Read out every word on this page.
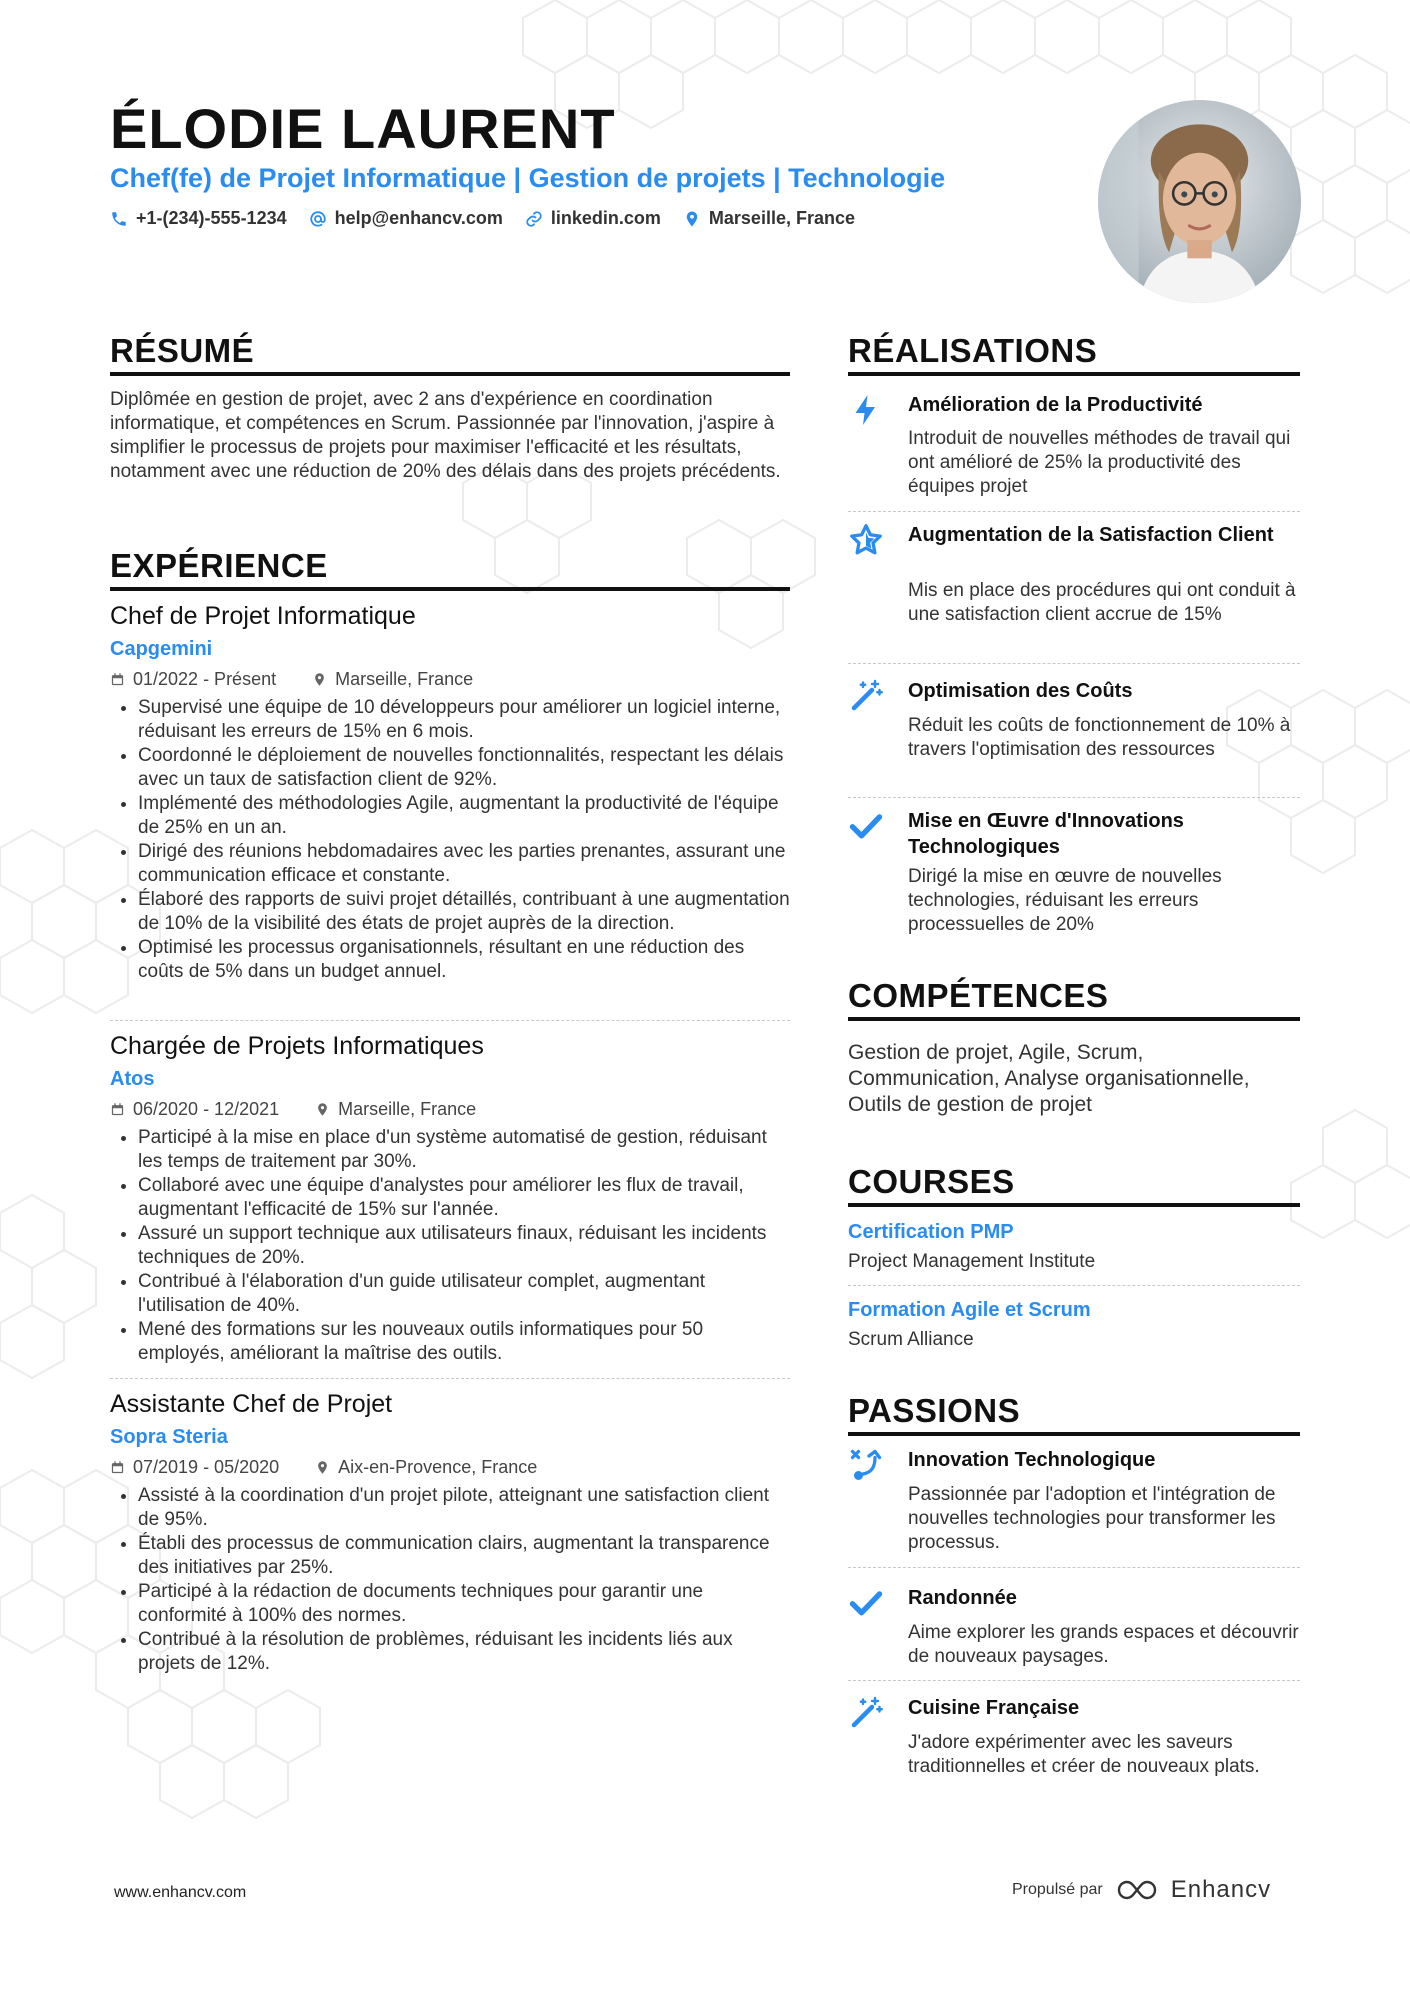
ÉLODIE LAURENT
Chef(fe) de Projet Informatique | Gestion de projets | Technologie
+1-(234)-555-1234	help@enhancv.com	linkedin.com	Marseille, France
RÉSUMÉ
Diplômée en gestion de projet, avec 2 ans d'expérience en coordination informatique, et compétences en Scrum. Passionnée par l'innovation, j'aspire à simplifier le processus de projets pour maximiser l'efficacité et les résultats, notamment avec une réduction de 20% des délais dans des projets précédents.
EXPÉRIENCE
Chef de Projet Informatique
Capgemini
01/2022 - Présent	Marseille, France
• Supervisé une équipe de 10 développeurs pour améliorer un logiciel interne, réduisant les erreurs de 15% en 6 mois.
• Coordonné le déploiement de nouvelles fonctionnalités, respectant les délais avec un taux de satisfaction client de 92%.
• Implémenté des méthodologies Agile, augmentant la productivité de l'équipe de 25% en un an.
• Dirigé des réunions hebdomadaires avec les parties prenantes, assurant une communication efficace et constante.
• Élaboré des rapports de suivi projet détaillés, contribuant à une augmentation de 10% de la visibilité des états de projet auprès de la direction.
• Optimisé les processus organisationnels, résultant en une réduction des coûts de 5% dans un budget annuel.
Chargée de Projets Informatiques
Atos
06/2020 - 12/2021	Marseille, France
• Participé à la mise en place d'un système automatisé de gestion, réduisant les temps de traitement par 30%.
• Collaboré avec une équipe d'analystes pour améliorer les flux de travail, augmentant l'efficacité de 15% sur l'année.
• Assuré un support technique aux utilisateurs finaux, réduisant les incidents techniques de 20%.
• Contribué à l'élaboration d'un guide utilisateur complet, augmentant l'utilisation de 40%.
• Mené des formations sur les nouveaux outils informatiques pour 50 employés, améliorant la maîtrise des outils.
Assistante Chef de Projet
Sopra Steria
07/2019 - 05/2020	Aix-en-Provence, France
• Assisté à la coordination d'un projet pilote, atteignant une satisfaction client de 95%.
• Établi des processus de communication clairs, augmentant la transparence des initiatives par 25%.
• Participé à la rédaction de documents techniques pour garantir une conformité à 100% des normes.
• Contribué à la résolution de problèmes, réduisant les incidents liés aux projets de 12%.
RÉALISATIONS
Amélioration de la Productivité
Introduit de nouvelles méthodes de travail qui ont amélioré de 25% la productivité des équipes projet
Augmentation de la Satisfaction Client
Mis en place des procédures qui ont conduit à une satisfaction client accrue de 15%
Optimisation des Coûts
Réduit les coûts de fonctionnement de 10% à travers l'optimisation des ressources
Mise en Œuvre d'Innovations Technologiques
Dirigé la mise en œuvre de nouvelles technologies, réduisant les erreurs processuelles de 20%
COMPÉTENCES
Gestion de projet, Agile, Scrum, Communication, Analyse organisationnelle, Outils de gestion de projet
COURSES
Certification PMP
Project Management Institute
Formation Agile et Scrum
Scrum Alliance
PASSIONS
Innovation Technologique
Passionnée par l'adoption et l'intégration de nouvelles technologies pour transformer les processus.
Randonnée
Aime explorer les grands espaces et découvrir de nouveaux paysages.
Cuisine Française
J'adore expérimenter avec les saveurs traditionnelles et créer de nouveaux plats.
www.enhancv.com	Propulsé par	Enhancv
